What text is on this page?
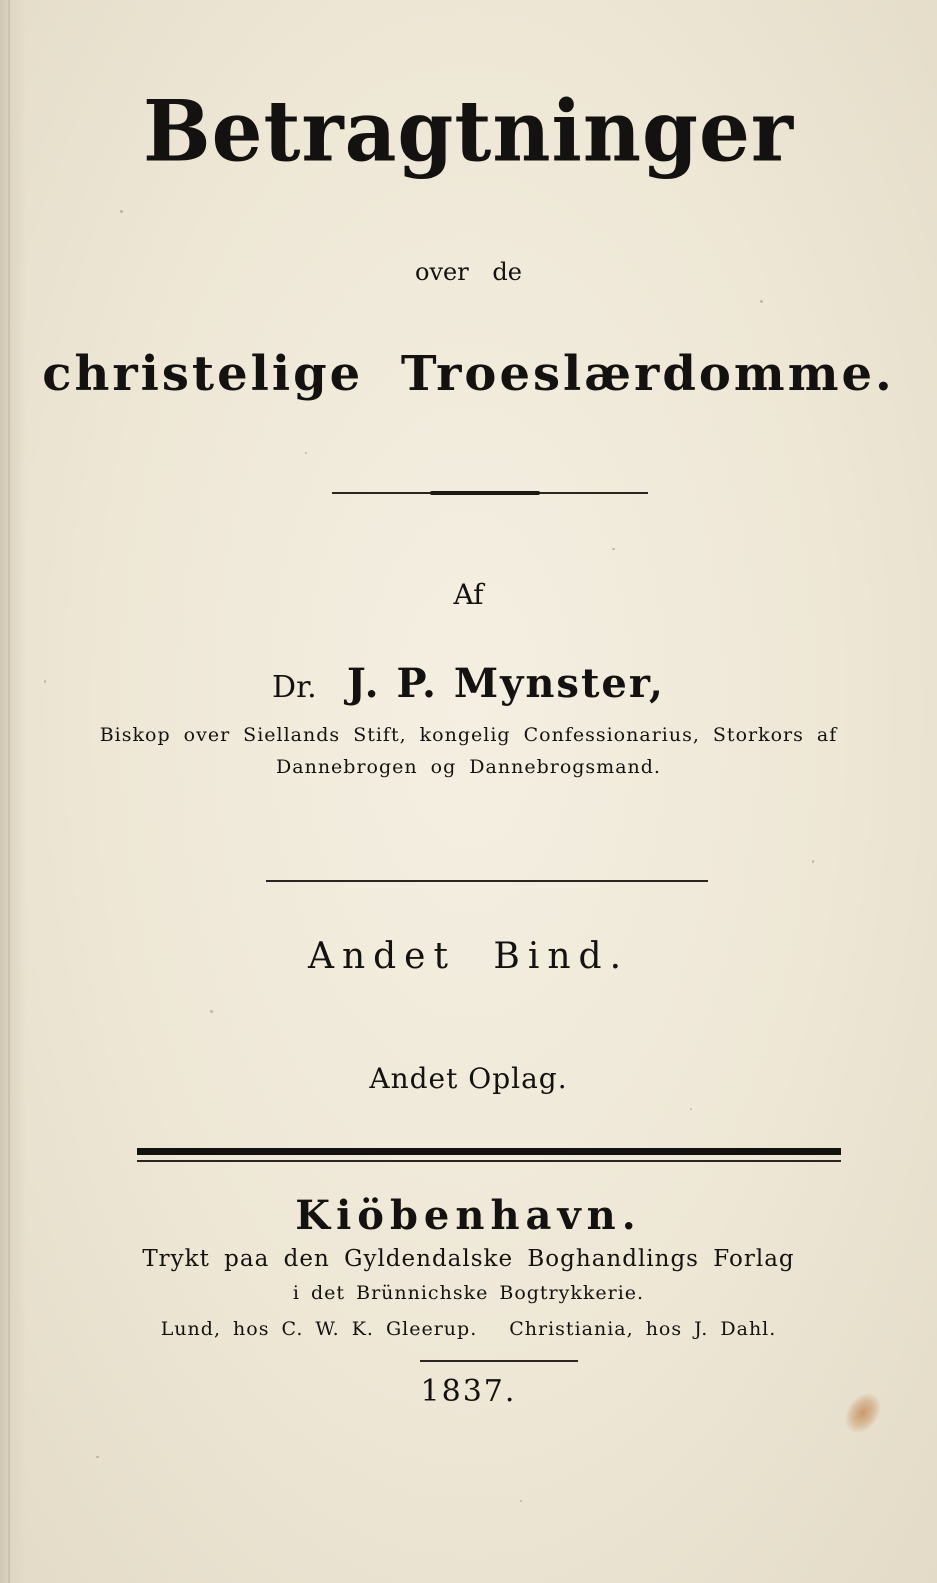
Betragtninger
over de
christelige Troeslærdomme.
Af
Dr. J. P. Mynster,
Biskop over Siellands Stift, kongelig Confessionarius, Storkors af
Dannebrogen og Dannebrogsmand.
Andet Bind.
Andet Oplag.
Kiöbenhavn.
Trykt paa den Gyldendalske Boghandlings Forlag
i det Brünnichske Bogtrykkerie.
Lund, hos C. W. K. Gleerup. Christiania, hos J. Dahl.
1837.
